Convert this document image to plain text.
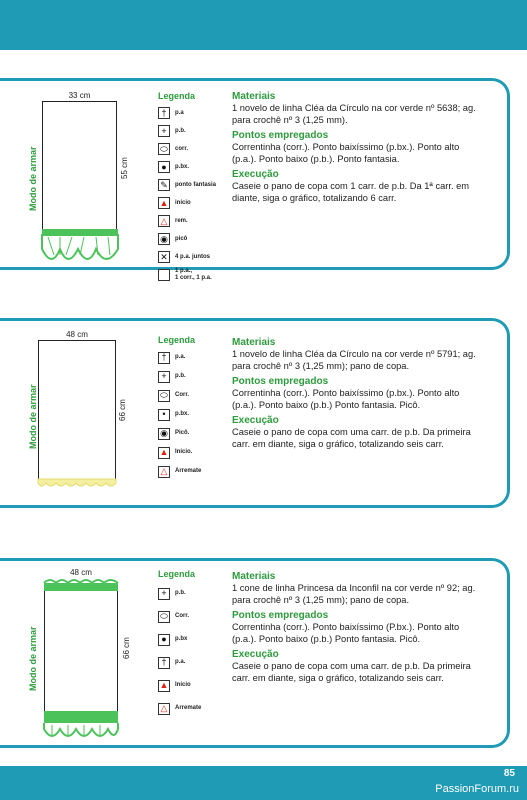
Modo de armar
33 cm
55 cm
Legenda
†	p.a
+	p.b.
⬭	corr.
●	p.bx.
✎	ponto fantasia
▲ início
△	rem.
◉	picô
✕	4 p.a. juntos
1 p.a.,
1 corr., 1 p.a.
Materiais
1 novelo de linha Cléa da Círculo na cor verde nº 5638; ag. para crochê nº 3 (1,25 mm).
Pontos empregados
Correntinha (corr.). Ponto baixíssimo (p.bx.). Ponto alto (p.a.). Ponto baixo (p.b.). Ponto fantasia.
Execução
Caseie o pano de copa com 1 carr. de p.b. Da 1ª carr. em diante, siga o gráfico, totalizando 6 carr.
Modo de armar
48 cm
66 cm
Legenda
†	p.a.
+	p.b.
⬭	Corr.
•	p.bx.
◉	Picô.
▲ Início.
△	Arremate
Materiais
1 novelo de linha Cléa da Círculo na cor verde nº 5791; ag. para crochê nº 3 (1,25 mm); pano de copa.
Pontos empregados
Correntinha (corr.). Ponto baixíssimo (p.bx.). Ponto alto (p.a.). Ponto baixo (p.b.) Ponto fantasia. Picô.
Execução
Caseie o pano de copa com uma carr. de p.b. Da primeira carr. em diante, siga o gráfico, totalizando seis carr.
Modo de armar
48 cm
66 cm
Legenda
+	p.b.
⬭	Corr.
●	p.bx
†	p.a.
▲ Início
△	Arremate
Materiais
1 cone de linha Princesa da Inconfil na cor verde nº 92; ag. para crochê nº 3 (1,25 mm); pano de copa.
Pontos empregados
Correntinha (corr.). Ponto baixíssimo (P.bx.). Ponto alto (p.a.). Ponto baixo (p.b.) Ponto fantasia. Picô.
Execução
Caseie o pano de copa com uma carr. de p.b. Da primeira carr. em diante, siga o gráfico, totalizando seis carr.
85
PassionForum.ru
